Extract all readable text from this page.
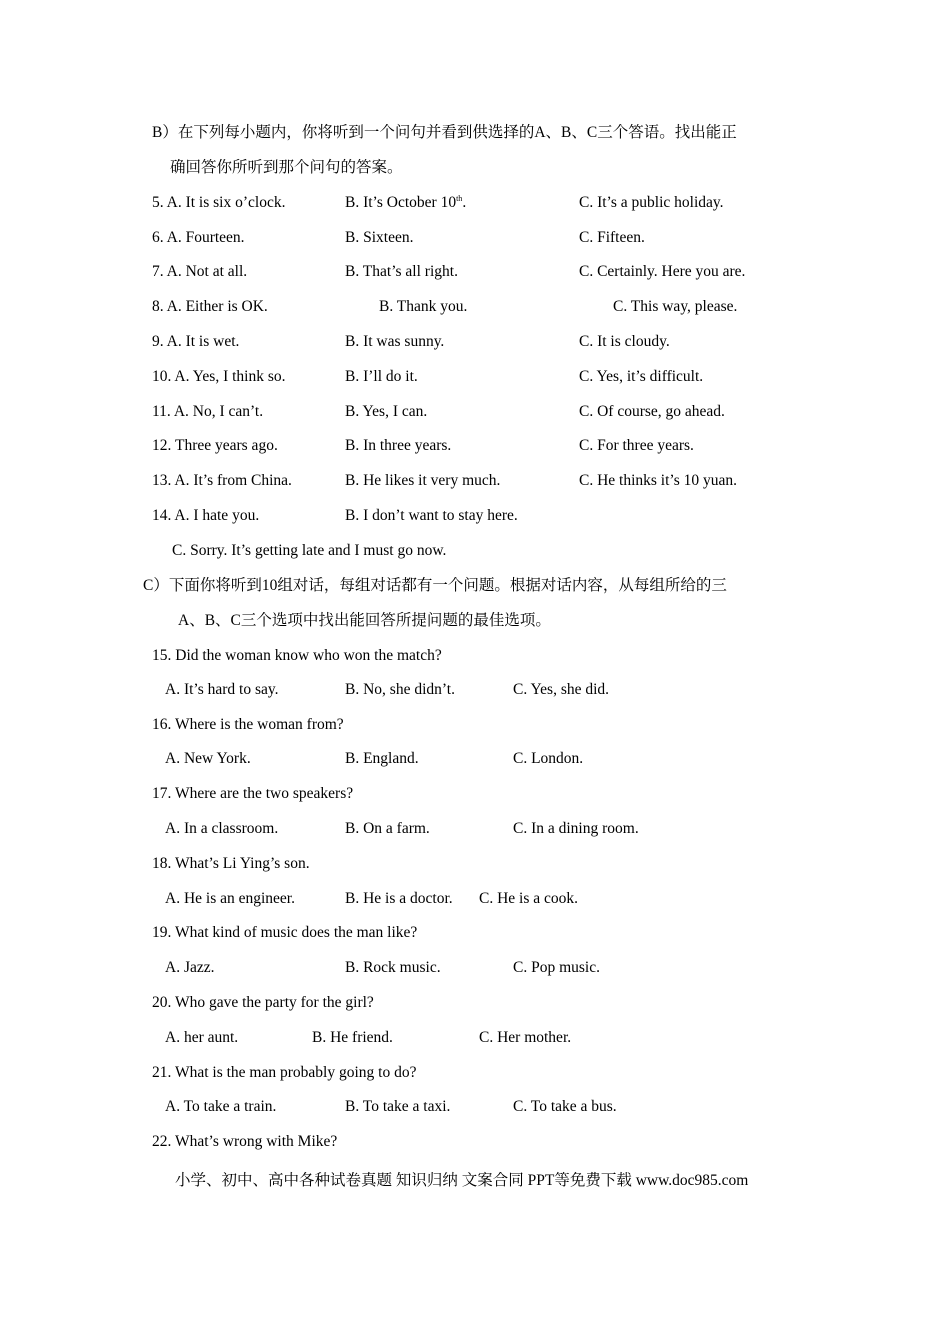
B）在下列每小题内，你将听到一个问句并看到供选择的A、B、C三个答语。找出能正
确回答你所听到那个问句的答案。
5. A. It is six o’clock.	B. It’s October 10th.	C. It’s a public holiday.
6. A. Fourteen.	B. Sixteen.	C. Fifteen.
7. A. Not at all.	B. That’s all right.	C. Certainly. Here you are.
8. A. Either is OK.	B. Thank you.	C. This way, please.
9. A. It is wet.	B. It was sunny.	C. It is cloudy.
10. A. Yes, I think so.	B. I’ll do it.	C. Yes, it’s difficult.
11. A. No, I can’t.	B. Yes, I can.	C. Of course, go ahead.
12. Three years ago.	B. In three years.	C. For three years.
13. A. It’s from China.	B. He likes it very much.	C. He thinks it’s 10 yuan.
14. A. I hate you.	B. I don’t want to stay here.
C. Sorry. It’s getting late and I must go now.
C）下面你将听到10组对话，每组对话都有一个问题。根据对话内容，从每组所给的三
A、B、C三个选项中找出能回答所提问题的最佳选项。
15. Did the woman know who won the match?
A. It’s hard to say.	B. No, she didn’t.	C. Yes, she did.
16. Where is the woman from?
A. New York.	B. England.	C. London.
17. Where are the two speakers?
A. In a classroom.	B. On a farm.	C. In a dining room.
18. What’s Li Ying’s son.
A. He is an engineer.	B. He is a doctor. C. He is a cook.
19. What kind of music does the man like?
A. Jazz.	B. Rock music.	C. Pop music.
20. Who gave the party for the girl?
A. her aunt.	B. He friend.	C. Her mother.
21. What is the man probably going to do?
A. To take a train.	B. To take a taxi.	C. To take a bus.
22. What’s wrong with Mike?
小学、初中、高中各种试卷真题 知识归纳 文案合同 PPT等免费下载 www.doc985.com
